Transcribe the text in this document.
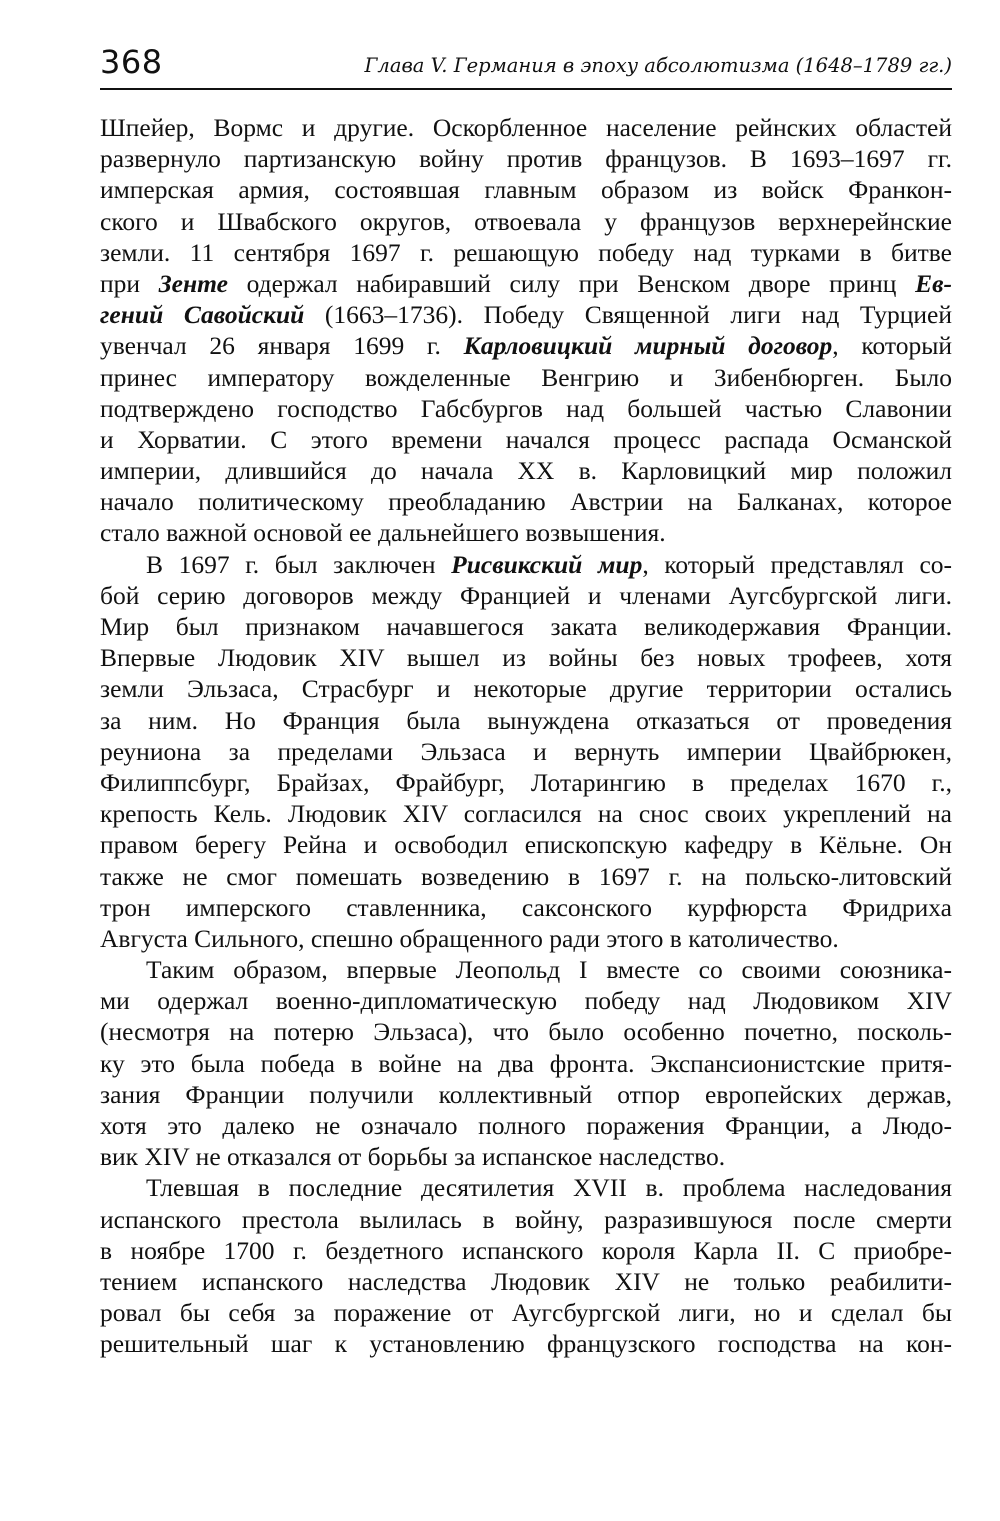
368	Глава V. Германия в эпоху абсолютизма (1648–1789 гг.)
Шпейер, Вормс и другие. Оскорбленное население рейнских областей
развернуло партизанскую войну против французов. В 1693–1697 гг.
имперская армия, состоявшая главным образом из войск Франкон-
ского и Швабского округов, отвоевала у французов верхнерейнские
земли. 11 сентября 1697 г. решающую победу над турками в битве
при Зенте одержал набиравший силу при Венском дворе принц Ев-
гений Савойский (1663–1736). Победу Священной лиги над Турцией
увенчал 26 января 1699 г. Карловицкий мирный договор, который
принес императору вожделенные Венгрию и Зибенбюрген. Было
подтверждено господство Габсбургов над большей частью Славонии
и Хорватии. С этого времени начался процесс распада Османской
империи, длившийся до начала XX в. Карловицкий мир положил
начало политическому преобладанию Австрии на Балканах, которое
стало важной основой ее дальнейшего возвышения.
В 1697 г. был заключен Рисвикский мир, который представлял со-
бой серию договоров между Францией и членами Аугсбургской лиги.
Мир был признаком начавшегося заката великодержавия Франции.
Впервые Людовик XIV вышел из войны без новых трофеев, хотя
земли Эльзаса, Страсбург и некоторые другие территории остались
за ним. Но Франция была вынуждена отказаться от проведения
реуниона за пределами Эльзаса и вернуть империи Цвайбрюкен,
Филиппсбург, Брайзах, Фрайбург, Лотарингию в пределах 1670 г.,
крепость Кель. Людовик XIV согласился на снос своих укреплений на
правом берегу Рейна и освободил епископскую кафедру в Кёльне. Он
также не смог помешать возведению в 1697 г. на польско-литовский
трон имперского ставленника, саксонского курфюрста Фридриха
Августа Сильного, спешно обращенного ради этого в католичество.
Таким образом, впервые Леопольд I вместе со своими союзника-
ми одержал военно-дипломатическую победу над Людовиком XIV
(несмотря на потерю Эльзаса), что было особенно почетно, посколь-
ку это была победа в войне на два фронта. Экспансионистские притя-
зания Франции получили коллективный отпор европейских держав,
хотя это далеко не означало полного поражения Франции, а Людо-
вик XIV не отказался от борьбы за испанское наследство.
Тлевшая в последние десятилетия XVII в. проблема наследования
испанского престола вылилась в войну, разразившуюся после смерти
в ноябре 1700 г. бездетного испанского короля Карла II. С приобре-
тением испанского наследства Людовик XIV не только реабилити-
ровал бы себя за поражение от Аугсбургской лиги, но и сделал бы
решительный шаг к установлению французского господства на кон-
